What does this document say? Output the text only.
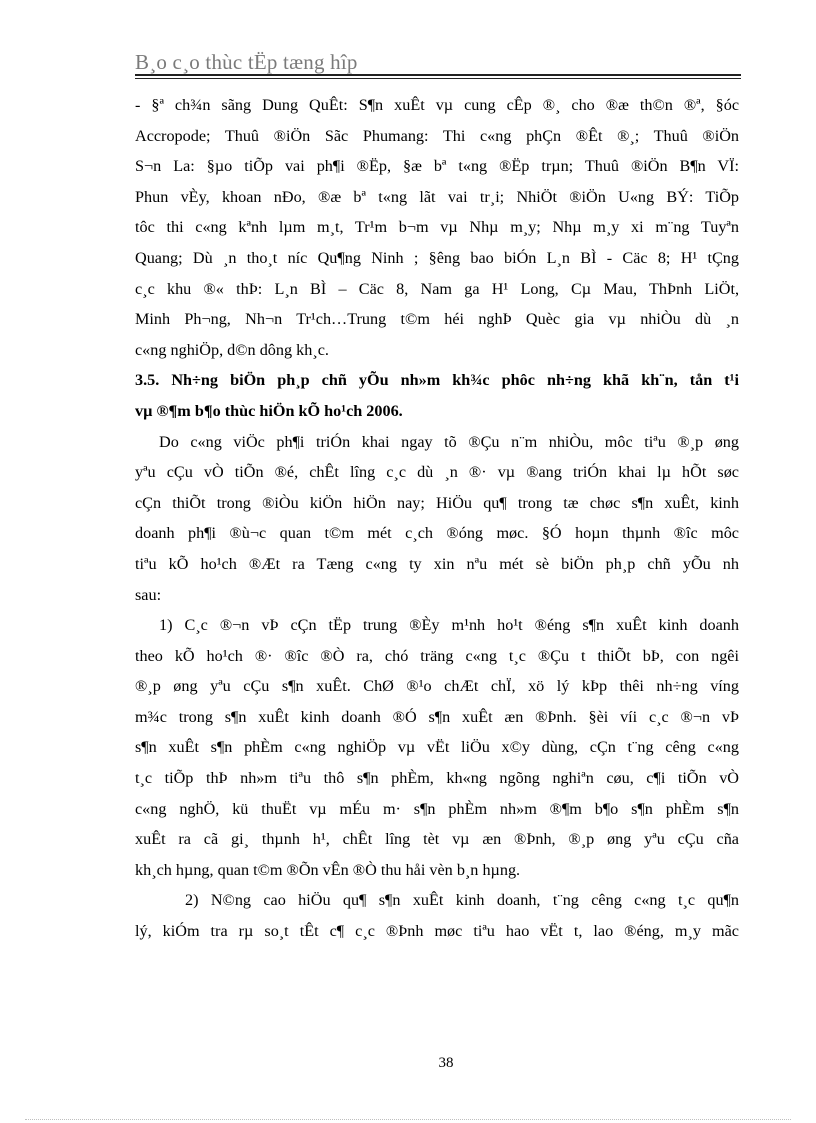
B¸o c¸o thùc tËp tæng hîp
- §ª ch¾n sãng Dung QuÊt: S¶n xuÊt vµ cung cÊp ®¸ cho ®æ th©n ®ª, §óc
Accropode; Thuû ®iÖn Sãc Phumang: Thi c«ng phÇn ®Êt ®¸; Thuû ®iÖn
S¬n La: §µo tiÕp vai ph¶i ®Ëp, §æ bª t«ng ®Ëp trµn; Thuû ®iÖn B¶n VÏ:
Phun vÈy, khoan nÐo, ®æ bª t«ng lãt vai tr¸i; NhiÖt ®iÖn U«ng BÝ: TiÕp
tôc thi c«ng kªnh lµm m¸t, Tr¹m b¬m vµ Nhµ m¸y; Nhµ m¸y xi m¨ng Tuyªn
Quang; Dù ¸n tho¸t níc Qu¶ng Ninh ; §êng bao biÓn L¸n BÌ - Cäc 8; H¹ tÇng
c¸c khu ®« thÞ: L¸n BÌ – Cäc 8, Nam ga H¹ Long, Cµ Mau, ThÞnh LiÖt,
Minh Ph¬ng, Nh¬n Tr¹ch…Trung t©m héi nghÞ Quèc gia vµ nhiÒu dù ¸n
c«ng nghiÖp, d©n dông kh¸c.
3.5. Nh÷ng biÖn ph¸p chñ yÕu nh»m kh¾c phôc nh÷ng khã kh¨n, tån t¹i
vµ ®¶m b¶o thùc hiÖn kÕ ho¹ch 2006.
Do c«ng viÖc ph¶i triÓn khai ngay tõ ®Çu n¨m nhiÒu, môc tiªu ®¸p øng
yªu cÇu vÒ tiÕn ®é, chÊt lîng c¸c dù ¸n ®· vµ ®ang triÓn khai lµ hÕt søc
cÇn thiÕt trong ®iÒu kiÖn hiÖn nay; HiÖu qu¶ trong tæ chøc s¶n xuÊt, kinh
doanh ph¶i ®ù¬c quan t©m mét c¸ch ®óng møc. §Ó hoµn thµnh ®îc môc
tiªu kÕ ho¹ch ®Æt ra Tæng c«ng ty xin nªu mét sè biÖn ph¸p chñ yÕu nh
sau:
1) C¸c ®¬n vÞ cÇn tËp trung ®Èy m¹nh ho¹t ®éng s¶n xuÊt kinh doanh
theo kÕ ho¹ch ®· ®îc ®Ò ra, chó träng c«ng t¸c ®Çu t thiÕt bÞ, con ngêi
®¸p øng yªu cÇu s¶n xuÊt. ChØ ®¹o chÆt chÏ, xö lý kÞp thêi nh÷ng víng
m¾c trong s¶n xuÊt kinh doanh ®Ó s¶n xuÊt æn ®Þnh. §èi víi c¸c ®¬n vÞ
s¶n xuÊt s¶n phÈm c«ng nghiÖp vµ vËt liÖu x©y dùng, cÇn t¨ng cêng c«ng
t¸c tiÕp thÞ nh»m tiªu thô s¶n phÈm, kh«ng ngõng nghiªn cøu, c¶i tiÕn vÒ
c«ng nghÖ, kü thuËt vµ mÉu m· s¶n phÈm nh»m ®¶m b¶o s¶n phÈm s¶n
xuÊt ra cã gi¸ thµnh h¹, chÊt lîng tèt vµ æn ®Þnh, ®¸p øng yªu cÇu cña
kh¸ch hµng, quan t©m ®Õn vÊn ®Ò thu håi vèn b¸n hµng.
2) N©ng cao hiÖu qu¶ s¶n xuÊt kinh doanh, t¨ng cêng c«ng t¸c qu¶n
lý, kiÓm tra rµ so¸t tÊt c¶ c¸c ®Þnh møc tiªu hao vËt t, lao ®éng, m¸y mãc
38
